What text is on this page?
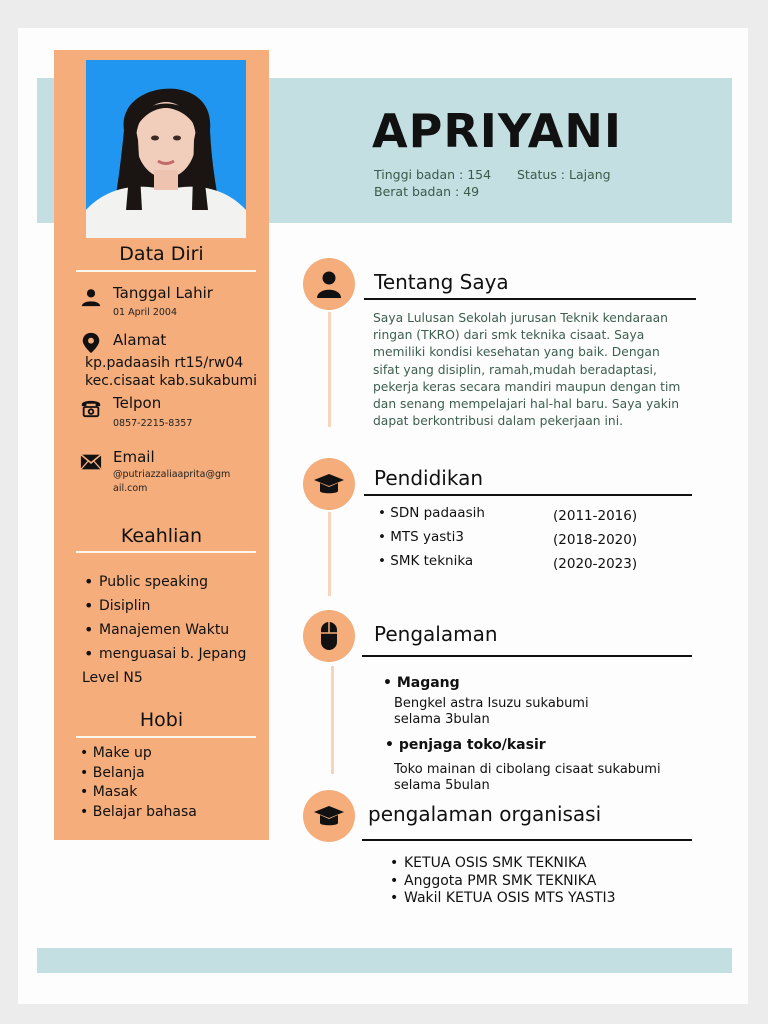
Data Diri
Tanggal Lahir
01 April 2004
Alamat
kp.padaasih rt15/rw04
kec.cisaat kab.sukabumi
Telpon
0857-2215-8357
Email
@putriazzaliaaprita@gm
ail.com
Keahlian
• Public speaking
• Disiplin
• Manajemen Waktu
• menguasai b. Jepang
Level N5
Hobi
• Make up
• Belanja
• Masak
• Belajar bahasa
APRIYANI
Tinggi badan : 154
Berat badan : 49
Status : Lajang
Tentang Saya
Saya Lulusan Sekolah jurusan Teknik kendaraan ringan (TKRO) dari smk teknika cisaat. Saya memiliki kondisi kesehatan yang baik. Dengan sifat yang disiplin, ramah,mudah beradaptasi, pekerja keras secara mandiri maupun dengan tim dan senang mempelajari hal-hal baru. Saya yakin dapat berkontribusi dalam pekerjaan ini.
Pendidikan
• SDN padaasih	(2011-2016)
• MTS yasti3	(2018-2020)
• SMK teknika	(2020-2023)
Pengalaman
• Magang
Bengkel astra Isuzu sukabumi
selama 3bulan
• penjaga toko/kasir
Toko mainan di cibolang cisaat sukabumi
selama 5bulan
pengalaman organisasi
• KETUA OSIS SMK TEKNIKA
• Anggota PMR SMK TEKNIKA
• Wakil KETUA OSIS MTS YASTI3
